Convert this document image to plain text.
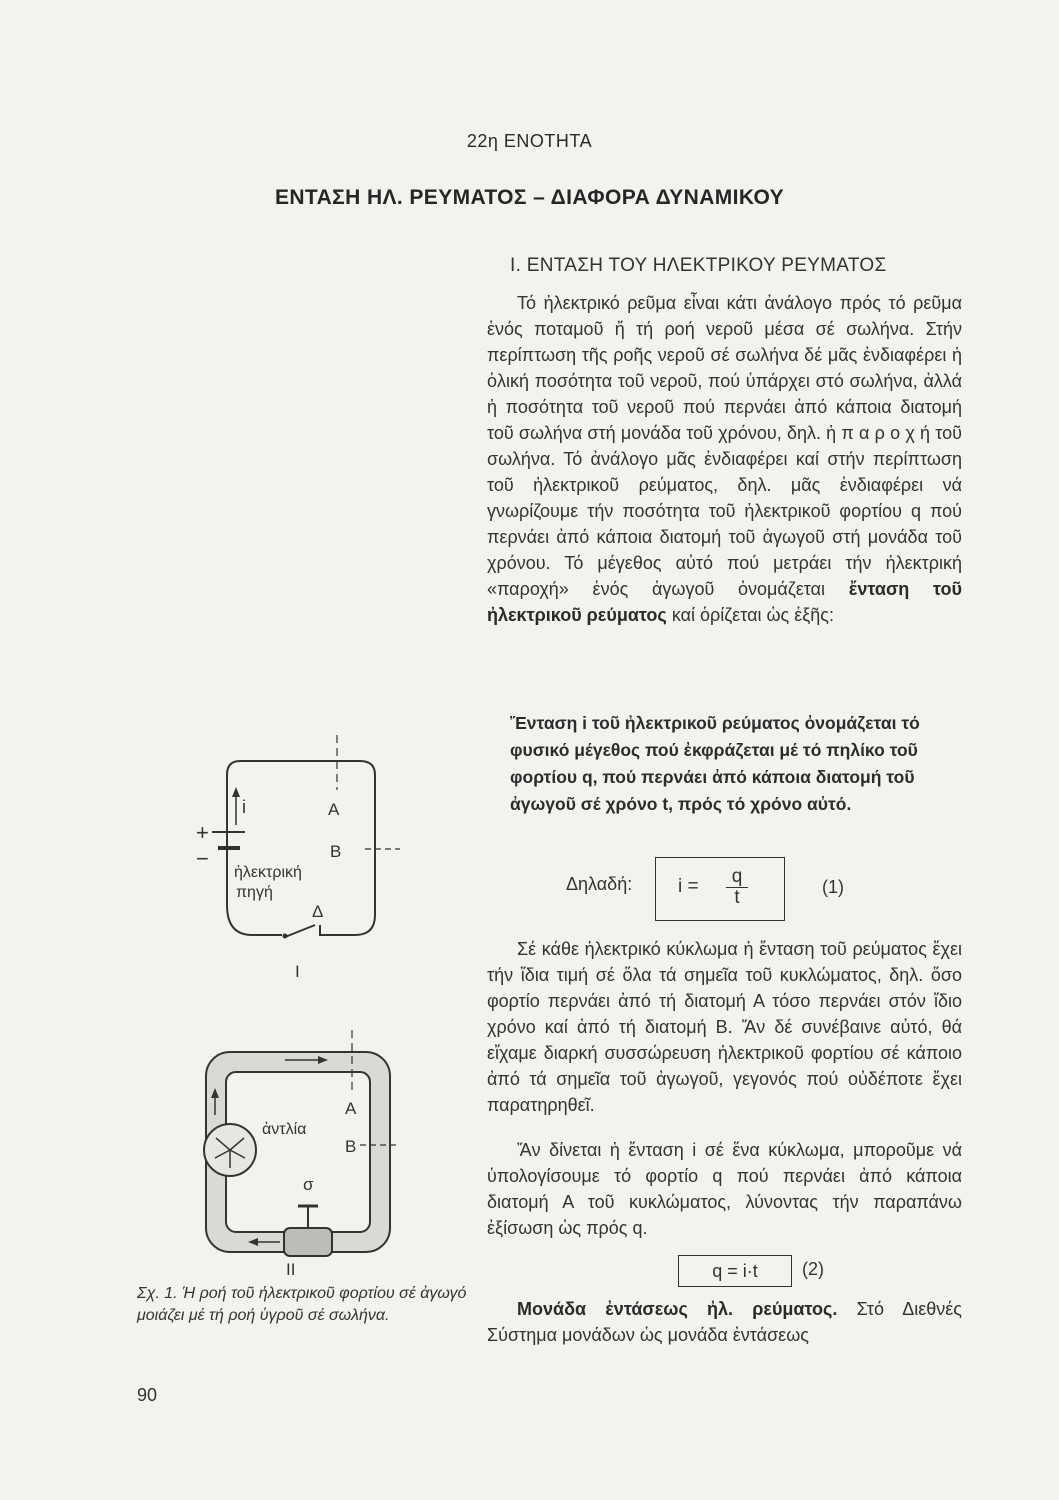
22η ΕΝΟΤΗΤΑ
ΕΝΤΑΣΗ ΗΛ. ΡΕΥΜΑΤΟΣ – ΔΙΑΦΟΡΑ ΔΥΝΑΜΙΚΟΥ
Ι. ΕΝΤΑΣΗ ΤΟΥ ΗΛΕΚΤΡΙΚΟΥ ΡΕΥΜΑΤΟΣ
Τό ἠλεκτρικό ρεῦμα εἶναι κάτι ἀνάλογο πρός τό ρεῦμα ἑνός ποταμοῦ ἤ τή ροή νεροῦ μέσα σέ σωλήνα. Στήν περίπτωση τῆς ροῆς νεροῦ σέ σωλήνα δέ μᾶς ἐνδιαφέρει ἡ ὁλική ποσότητα τοῦ νεροῦ, πού ὑπάρχει στό σωλήνα, ἀλλά ἡ ποσότητα τοῦ νεροῦ πού περνάει ἀπό κάποια διατομή τοῦ σωλήνα στή μονάδα τοῦ χρόνου, δηλ. ἡ π α ρ ο χ ή τοῦ σωλήνα. Τό ἀνάλογο μᾶς ἐνδιαφέρει καί στήν περίπτωση τοῦ ἠλεκτρικοῦ ρεύματος, δηλ. μᾶς ἐνδιαφέρει νά γνωρίζουμε τήν ποσότητα τοῦ ἠλεκτρικοῦ φορτίου q πού περνάει ἀπό κάποια διατομή τοῦ ἀγωγοῦ στή μονάδα τοῦ χρόνου. Τό μέγεθος αὐτό πού μετράει τήν ἠλεκτρική «παροχή» ἑνός ἀγωγοῦ ὀνομάζεται ἔνταση τοῦ ἠλεκτρικοῦ ρεύματος καί ὁρίζεται ὡς ἑξῆς:
Ἔνταση i τοῦ ἠλεκτρικοῦ ρεύματος ὀνομάζεται τό φυσικό μέγεθος πού ἐκφράζεται μέ τό πηλίκο τοῦ φορτίου q, πού περνάει ἀπό κάποια διατομή τοῦ ἀγωγοῦ σέ χρόνο t, πρός τό χρόνο αὐτό.
Δηλαδή: i = q
t	(1)
Σέ κάθε ἠλεκτρικό κύκλωμα ἡ ἔνταση τοῦ ρεύματος ἔχει τήν ἴδια τιμή σέ ὅλα τά σημεῖα τοῦ κυκλώματος, δηλ. ὅσο φορτίο περνάει ἀπό τή διατομή Α τόσο περνάει στόν ἴδιο χρόνο καί ἀπό τή διατομή Β. Ἄν δέ συνέβαινε αὐτό, θά εἴχαμε διαρκή συσσώρευση ἠλεκτρικοῦ φορτίου σέ κάποιο ἀπό τά σημεῖα τοῦ ἀγωγοῦ, γεγονός πού οὐδέποτε ἔχει παρατηρηθεῖ.
Ἄν δίνεται ἡ ἔνταση i σέ ἕνα κύκλωμα, μποροῦμε νά ὑπολογίσουμε τό φορτίο q πού περνάει ἀπό κάποια διατομή Α τοῦ κυκλώματος, λύνοντας τήν παραπάνω ἐξίσωση ὡς πρός q.
q = i·t	(2)
Μονάδα ἐντάσεως ἠλ. ρεύματος. Στό Διεθνές Σύστημα μονάδων ὡς μονάδα ἐντάσεως
i
+
−
ἠλεκτρική
πηγή
Α
Β
Δ
Ι
Α
Β
ἀντλία
σ
ΙΙ
Σχ. 1. Ἡ ροή τοῦ ἠλεκτρικοῦ φορτίου σέ ἀγωγό μοιάζει μέ τή ροή ὑγροῦ σέ σωλήνα.
90
